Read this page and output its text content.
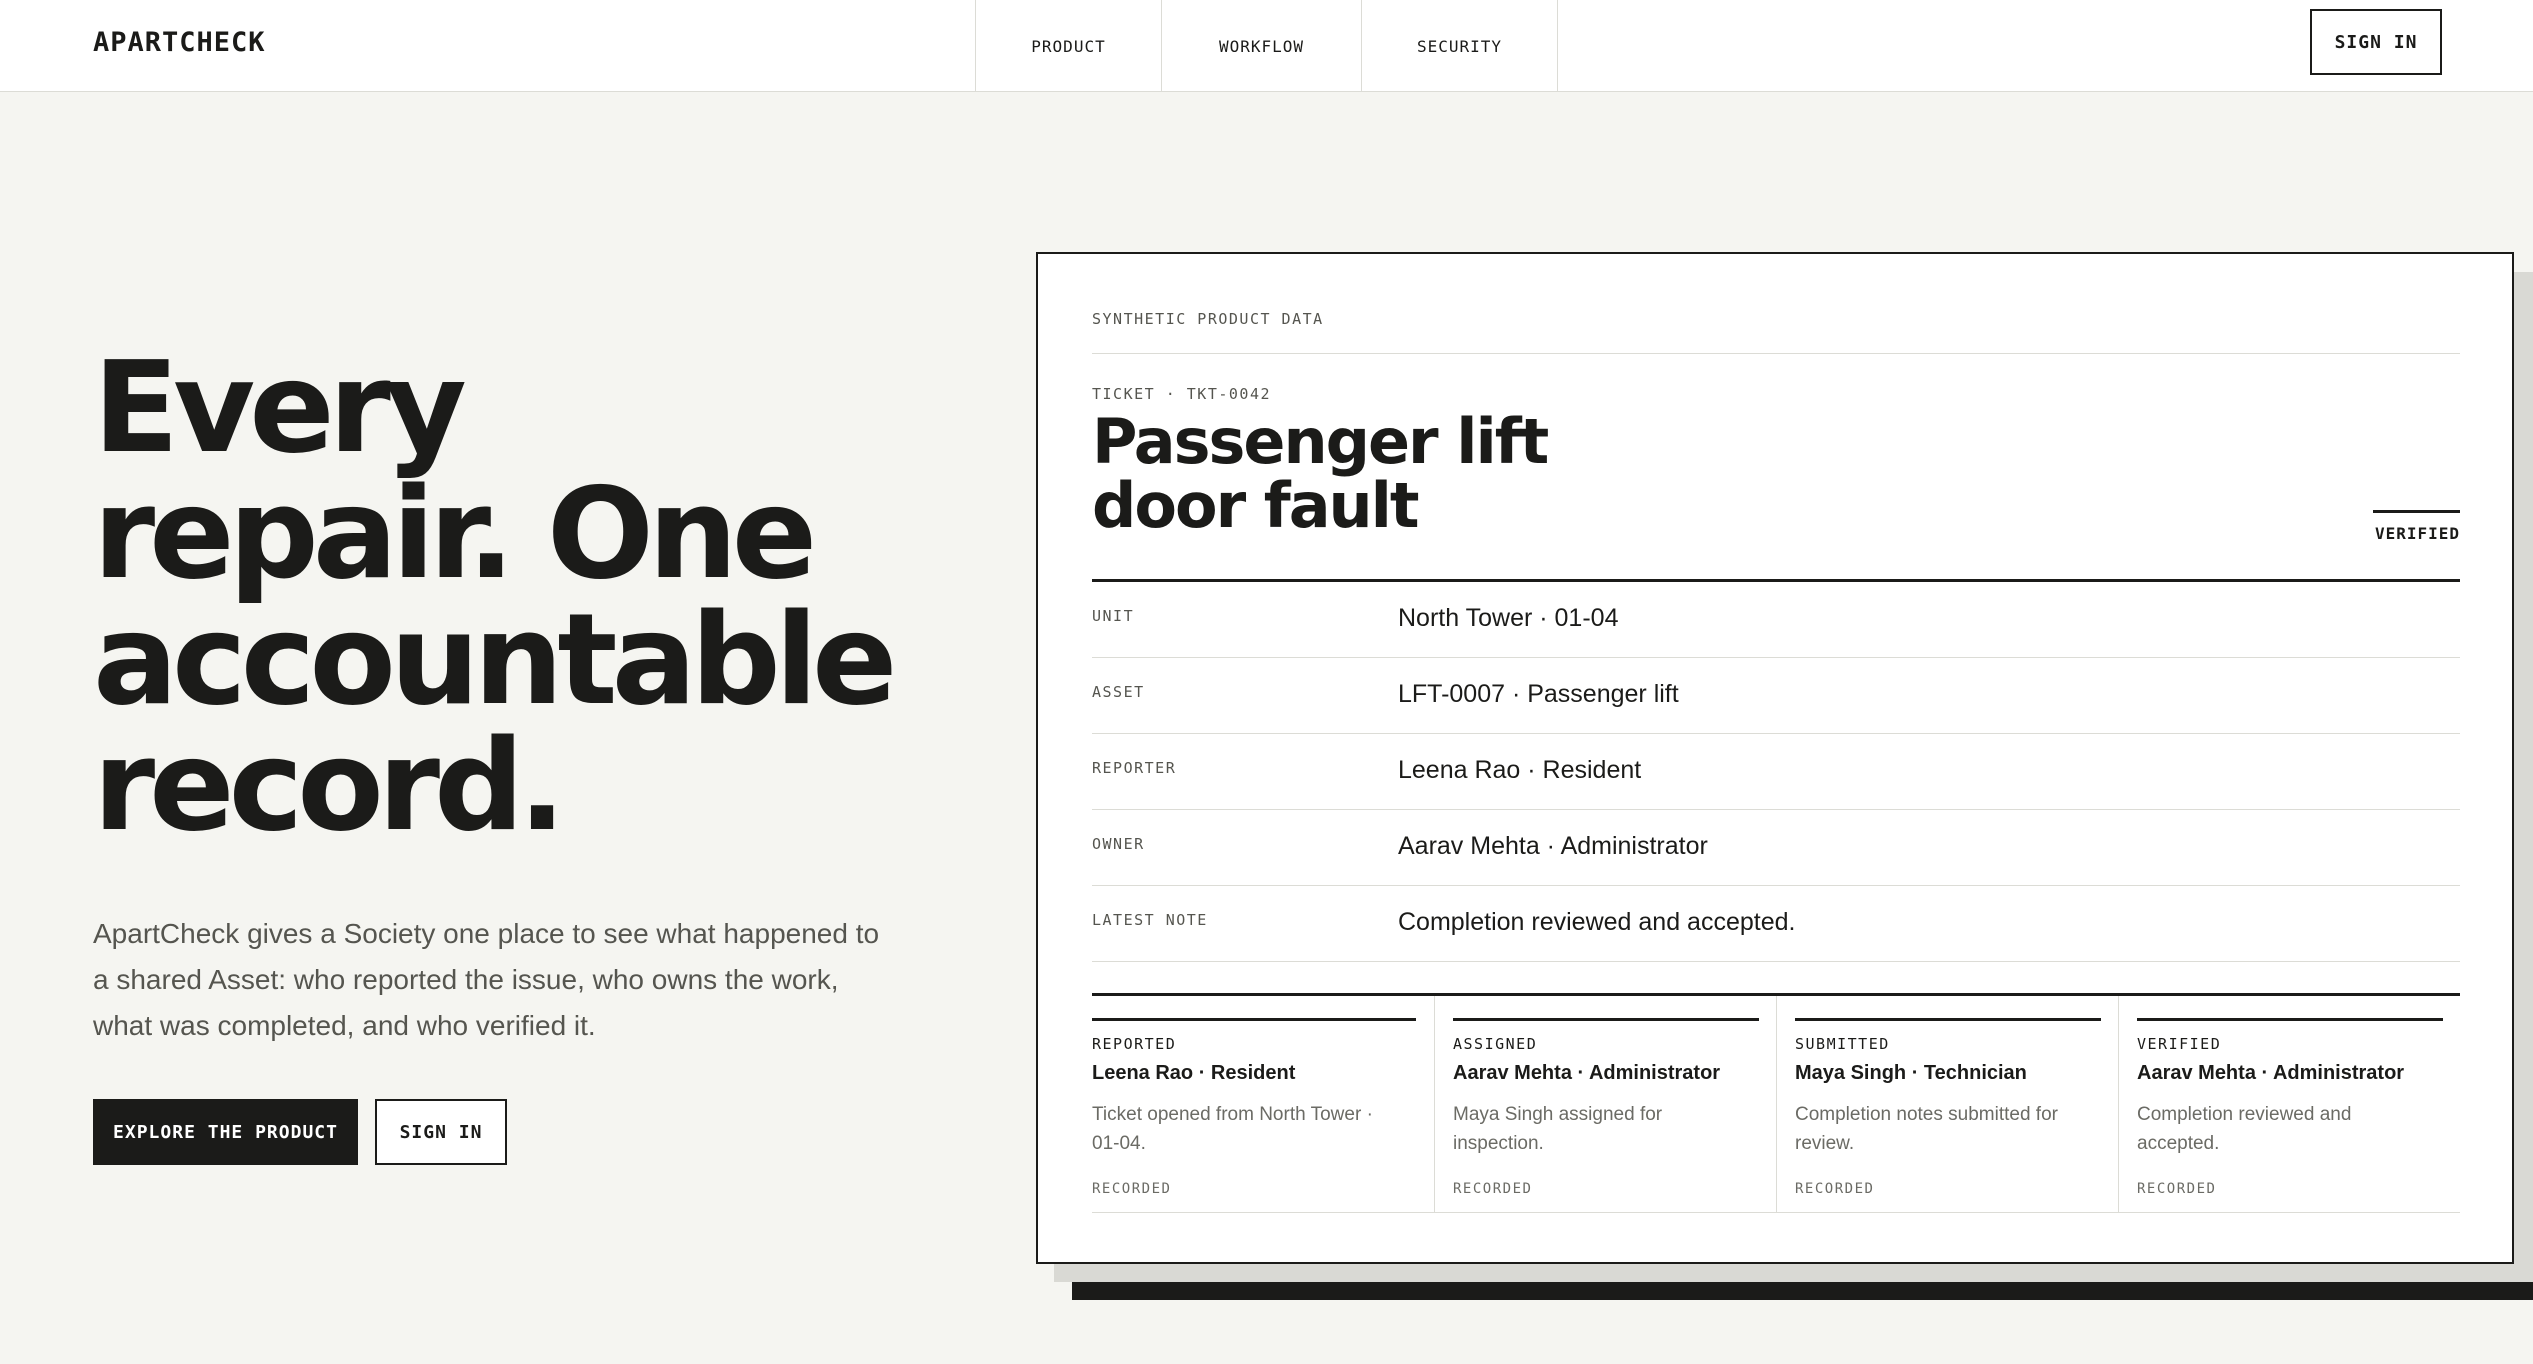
APARTCHECK	PRODUCT	WORKFLOW	SECURITY	SIGN IN
Every
repair. One
accountable
record.

ApartCheck gives a Society one place to see what happened to a shared Asset: who reported the issue, who owns the work, what was completed, and who verified it.

EXPLORE THE PRODUCT	SIGN IN
SYNTHETIC PRODUCT DATA
TICKET · TKT-0042
Passenger lift
door fault	VERIFIED
UNIT	North Tower · 01-04
ASSET	LFT-0007 · Passenger lift
REPORTER	Leena Rao · Resident
OWNER	Aarav Mehta · Administrator
LATEST NOTE	Completion reviewed and accepted.
REPORTED
Leena Rao · Resident
Ticket opened from North Tower · 01-04.
RECORDED
ASSIGNED
Aarav Mehta · Administrator
Maya Singh assigned for inspection.
RECORDED
SUBMITTED
Maya Singh · Technician
Completion notes submitted for review.
RECORDED
VERIFIED
Aarav Mehta · Administrator
Completion reviewed and accepted.
RECORDED
